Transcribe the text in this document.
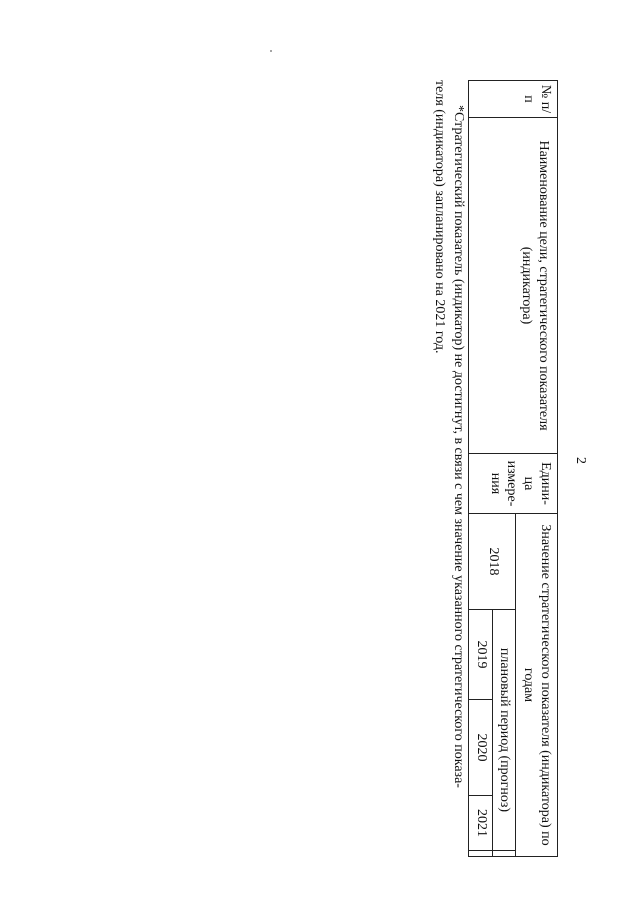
2
№ п/п	Наименование цели, стратегического показателя (индикатора)	Едини-ца измере-ния	Значение стратегического показателя (индикатора) по годам				
			2018	плановый период (прогноз)			
				2019	2020	2021	

*Стратегический показатель (индикатор) не достигнут, в связи с чем значение указанного стратегического показа-

теля (индикатора) запланировано на 2021 год.
